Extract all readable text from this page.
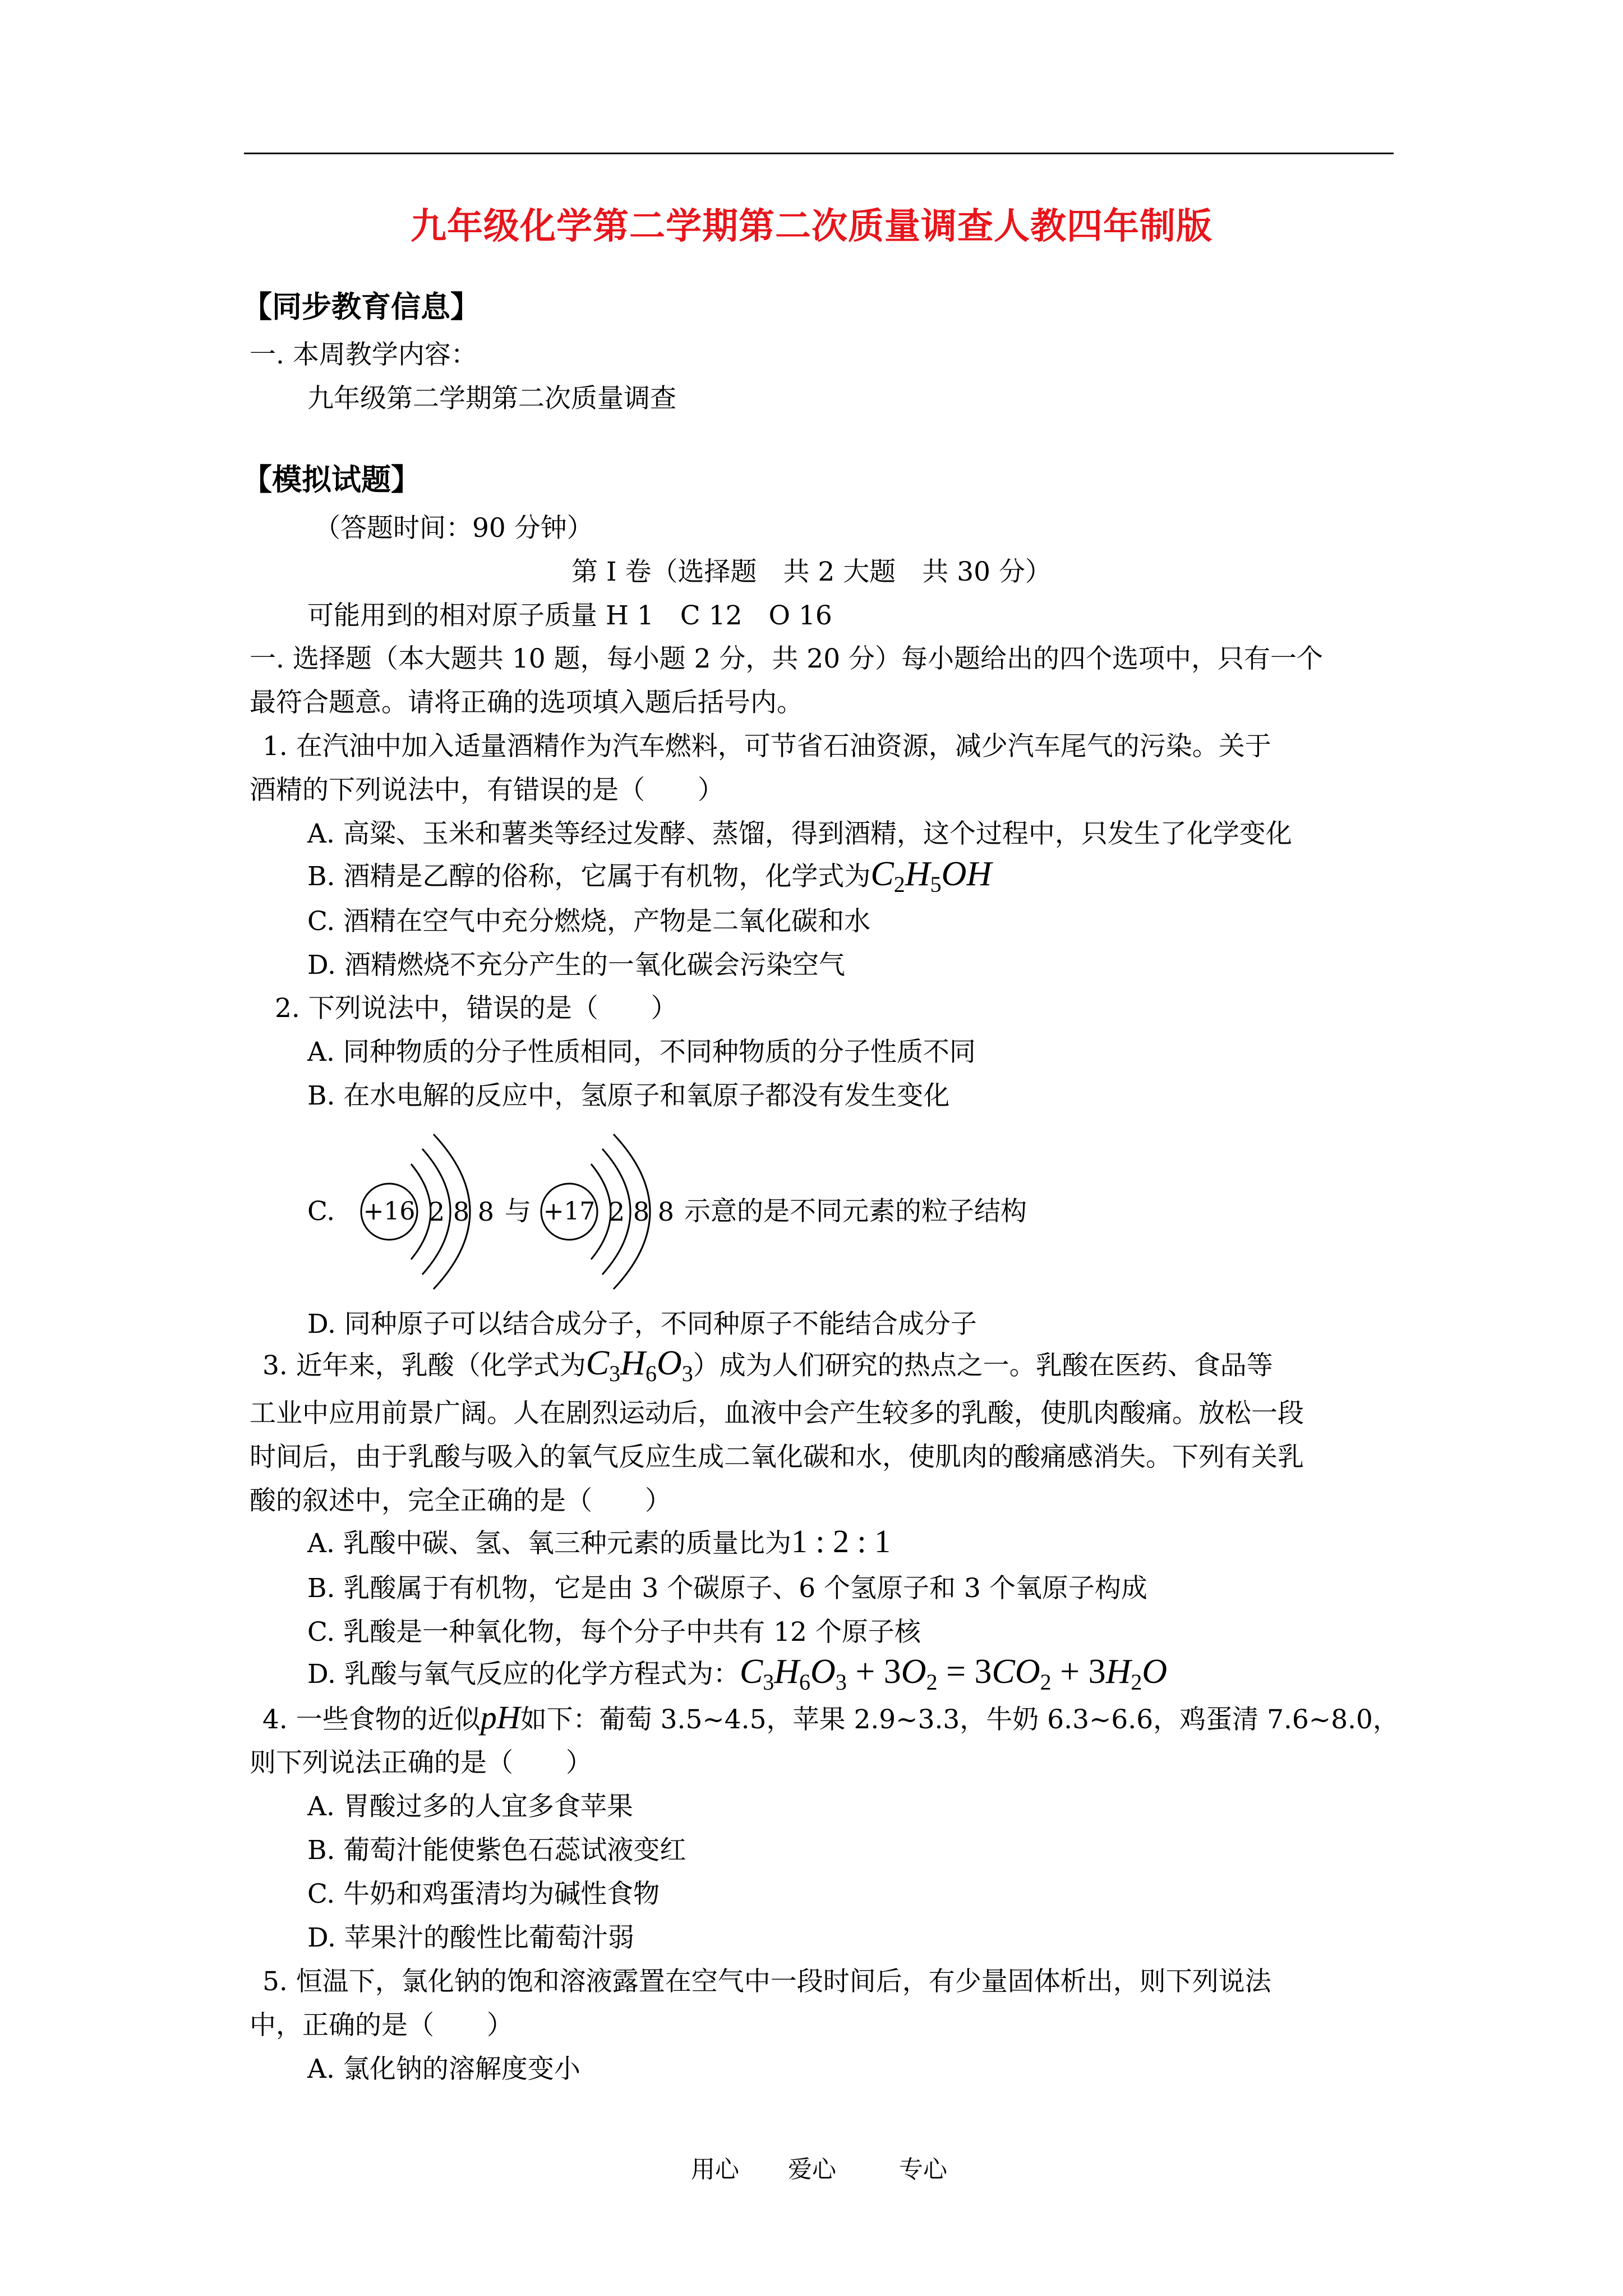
九年级化学第二学期第二次质量调查人教四年制版
【同步教育信息】
一. 本周教学内容：
九年级第二学期第二次质量调查
【模拟试题】
（答题时间：90 分钟）
第 I 卷（选择题　共 2 大题　共 30 分）
可能用到的相对原子质量 H 1　C 12　O 16
一. 选择题（本大题共 10 题，每小题 2 分，共 20 分）每小题给出的四个选项中，只有一个
最符合题意。请将正确的选项填入题后括号内。
1. 在汽油中加入适量酒精作为汽车燃料，可节省石油资源，减少汽车尾气的污染。关于
酒精的下列说法中，有错误的是（　　）
A. 高粱、玉米和薯类等经过发酵、蒸馏，得到酒精，这个过程中，只发生了化学变化
B. 酒精是乙醇的俗称，它属于有机物，化学式为$C_2H_5OH$
C. 酒精在空气中充分燃烧，产物是二氧化碳和水
D. 酒精燃烧不充分产生的一氧化碳会污染空气
2. 下列说法中，错误的是（　　）
A. 同种物质的分子性质相同，不同种物质的分子性质不同
B. 在水电解的反应中，氢原子和氧原子都没有发生变化
C. +16 2 8 8 与 +17 2 8 8 示意的是不同元素的粒子结构
D. 同种原子可以结合成分子，不同种原子不能结合成分子
3. 近年来，乳酸（化学式为$C_3H_6O_3$）成为人们研究的热点之一。乳酸在医药、食品等
工业中应用前景广阔。人在剧烈运动后，血液中会产生较多的乳酸，使肌肉酸痛。放松一段
时间后，由于乳酸与吸入的氧气反应生成二氧化碳和水，使肌肉的酸痛感消失。下列有关乳
酸的叙述中，完全正确的是（　　）
A. 乳酸中碳、氢、氧三种元素的质量比为1 : 2 : 1
B. 乳酸属于有机物，它是由 3 个碳原子、6 个氢原子和 3 个氧原子构成
C. 乳酸是一种氧化物，每个分子中共有 12 个原子核
D. 乳酸与氧气反应的化学方程式为：$C_3H_6O_3 + 3O_2 = 3CO_2 + 3H_2O$
4. 一些食物的近似pH如下：葡萄 3.5~4.5，苹果 2.9~3.3，牛奶 6.3~6.6，鸡蛋清 7.6~8.0，
则下列说法正确的是（　　）
A. 胃酸过多的人宜多食苹果
B. 葡萄汁能使紫色石蕊试液变红
C. 牛奶和鸡蛋清均为碱性食物
D. 苹果汁的酸性比葡萄汁弱
5. 恒温下，氯化钠的饱和溶液露置在空气中一段时间后，有少量固体析出，则下列说法
中，正确的是（　　）
A. 氯化钠的溶解度变小
用心 爱心	专心
